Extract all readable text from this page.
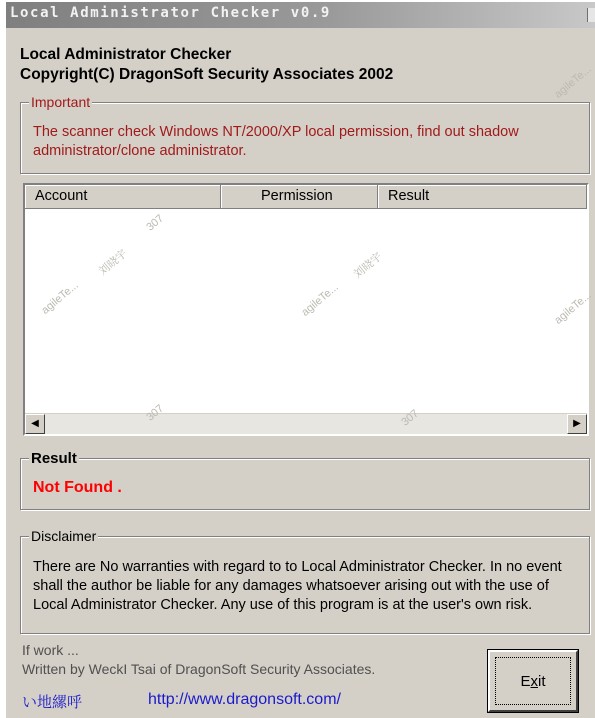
Local Administrator Checker v0.9
Local Administrator Checker
Copyright(C) DragonSoft Security Associates 2002
Important
The scanner check Windows NT/2000/XP local permission, find out shadow administrator/clone administrator.
Account	Permission	Result
◀	▶
Result
Not Found .
Disclaimer
There are No warranties with regard to to Local Administrator Checker. In no event shall the author be liable for any damages whatsoever arising out with the use of Local Administrator Checker. Any use of this program is at the user's own risk.
If work ...
Written by WeckI Tsai of DragonSoft Security Associates.
い地縲呼	http://www.dragonsoft.com/
Exit
agileTe...
刘晓宇
307
agileTe...
刘晓宇
agileTe...
307	307
agileTe...
